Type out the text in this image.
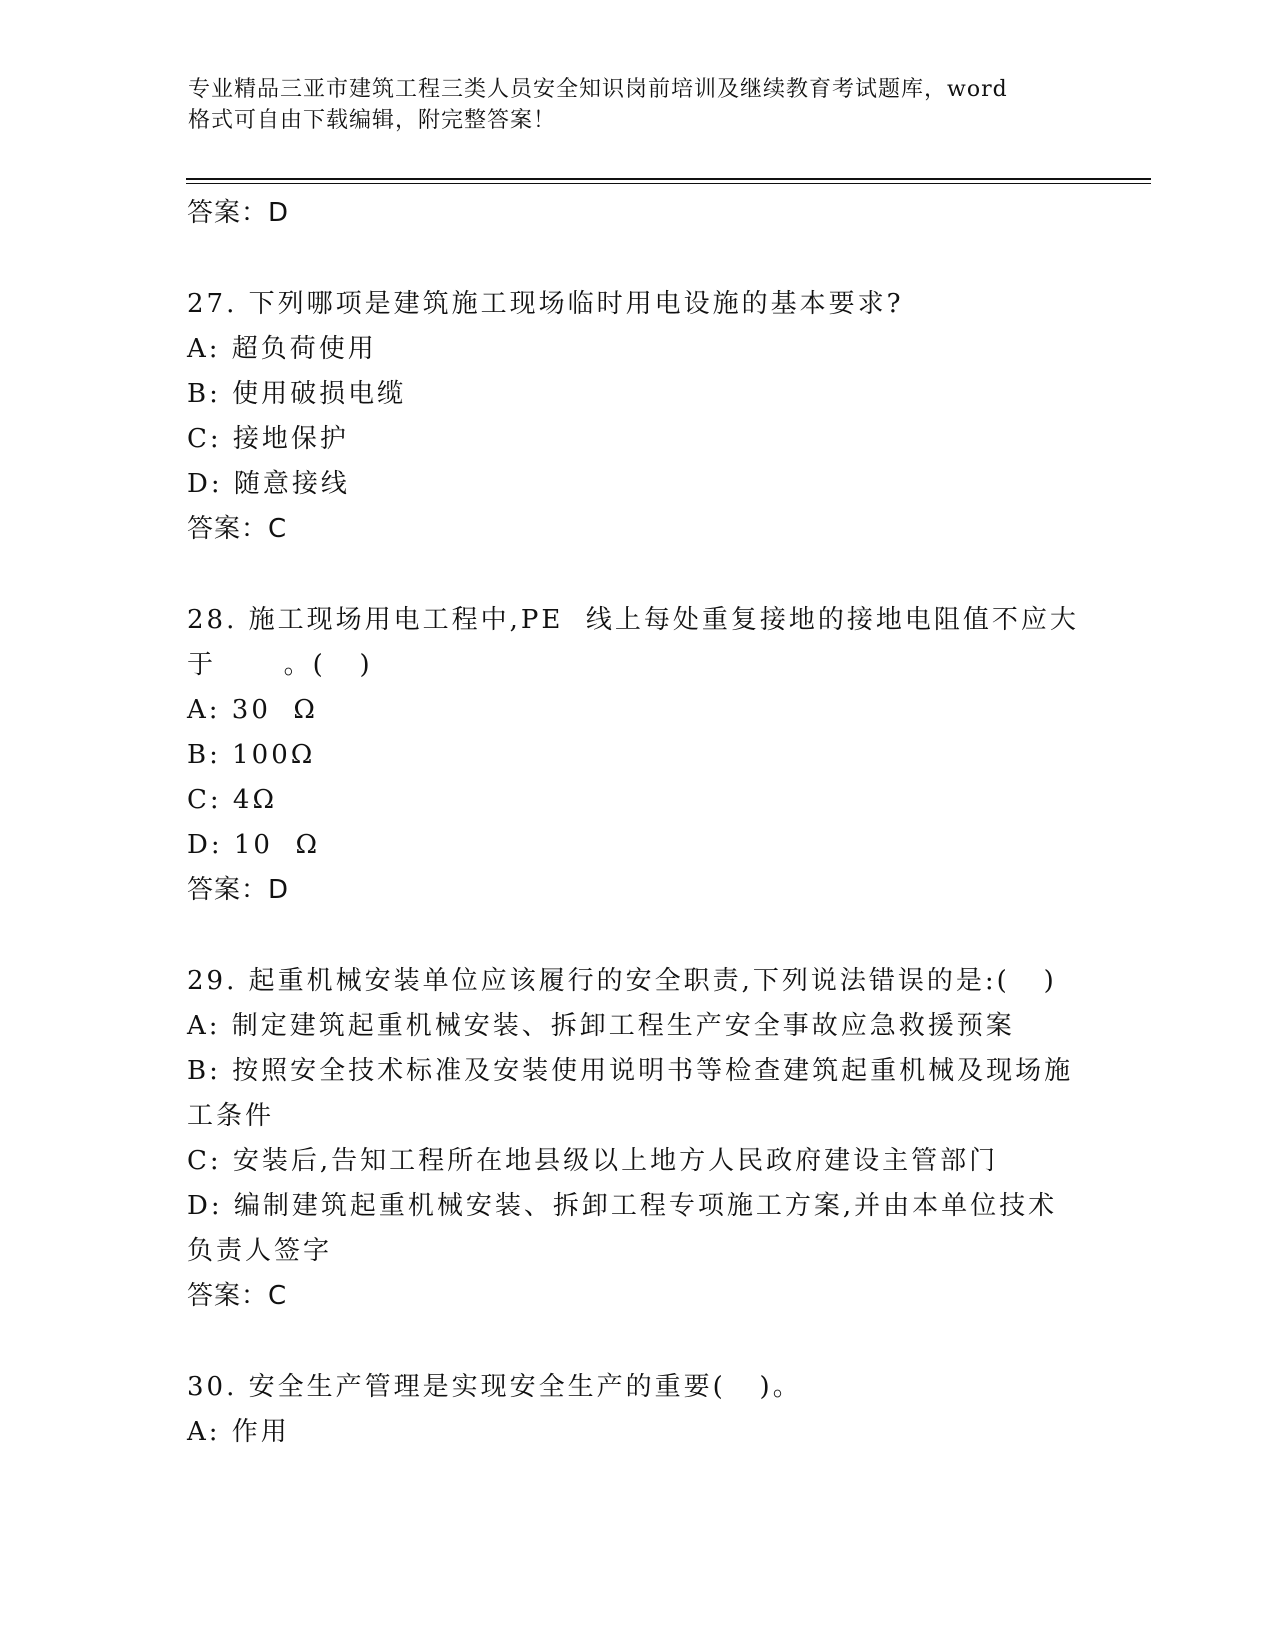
专业精品三亚市建筑工程三类人员安全知识岗前培训及继续教育考试题库，word
格式可自由下载编辑，附完整答案！
答案：D
27. 下列哪项是建筑施工现场临时用电设施的基本要求?
A: 超负荷使用
B: 使用破损电缆
C: 接地保护
D: 随意接线
答案：C
28. 施工现场用电工程中,PE  线上每处重复接地的接地电阻值不应大
于      。(   )
A: 30  Ω
B: 100Ω
C: 4Ω
D: 10  Ω
答案：D
29. 起重机械安装单位应该履行的安全职责,下列说法错误的是:(   )
A: 制定建筑起重机械安装、拆卸工程生产安全事故应急救援预案
B: 按照安全技术标准及安装使用说明书等检查建筑起重机械及现场施
工条件
C: 安装后,告知工程所在地县级以上地方人民政府建设主管部门
D: 编制建筑起重机械安装、拆卸工程专项施工方案,并由本单位技术
负责人签字
答案：C
30. 安全生产管理是实现安全生产的重要(   )。
A: 作用
